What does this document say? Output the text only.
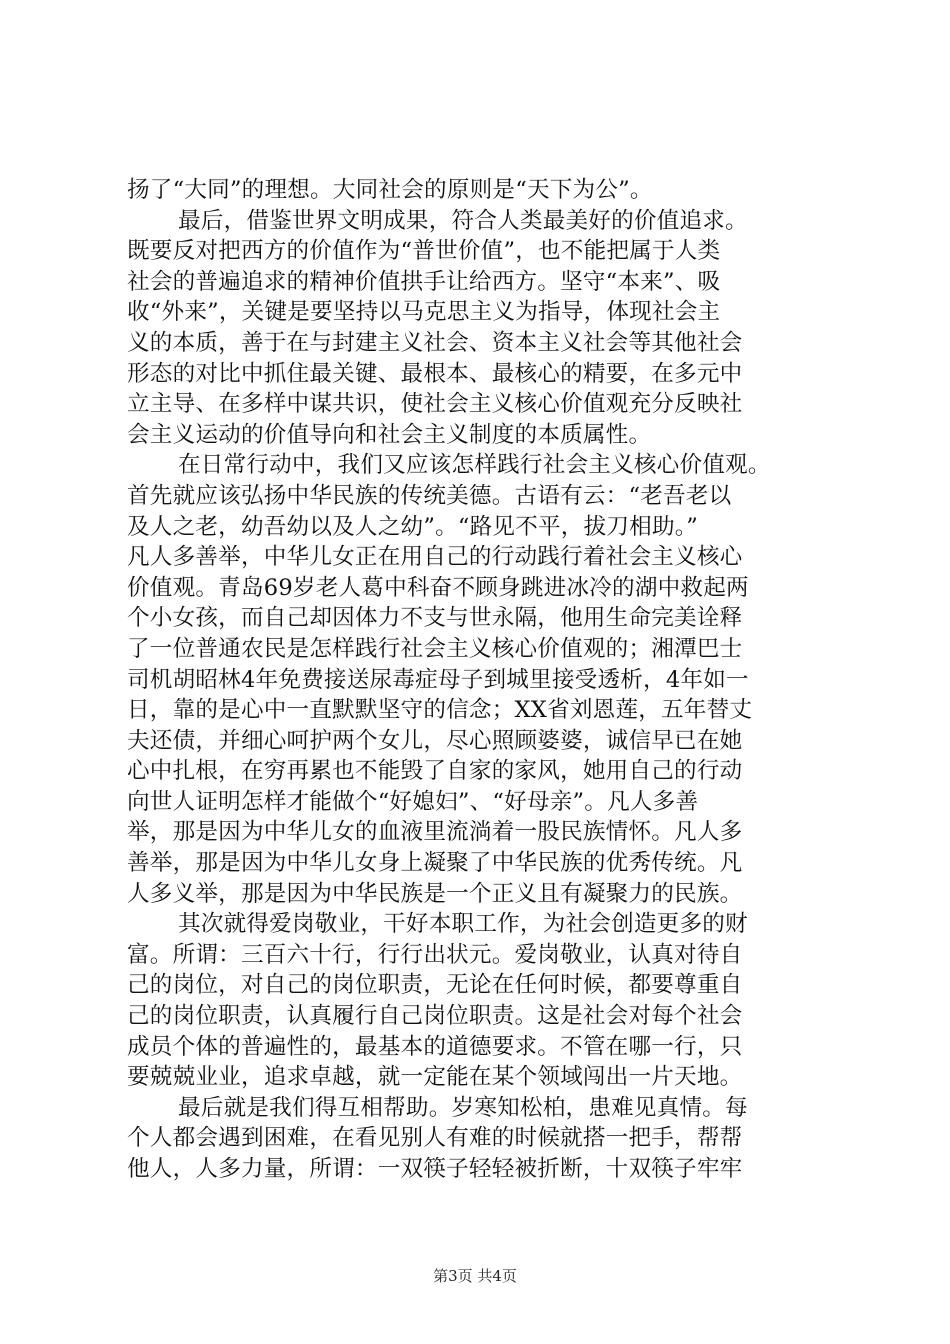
扬了“大同”的理想。大同社会的原则是“天下为公”。
最后，借鉴世界文明成果，符合人类最美好的价值追求。
既要反对把西方的价值作为“普世价值”，也不能把属于人类
社会的普遍追求的精神价值拱手让给西方。坚守“本来”、吸
收“外来”，关键是要坚持以马克思主义为指导，体现社会主
义的本质，善于在与封建主义社会、资本主义社会等其他社会
形态的对比中抓住最关键、最根本、最核心的精要，在多元中
立主导、在多样中谋共识，使社会主义核心价值观充分反映社
会主义运动的价值导向和社会主义制度的本质属性。
在日常行动中，我们又应该怎样践行社会主义核心价值观。
首先就应该弘扬中华民族的传统美德。古语有云：“老吾老以
及人之老，幼吾幼以及人之幼”。“路见不平，拔刀相助。”
凡人多善举，中华儿女正在用自己的行动践行着社会主义核心
价值观。青岛69岁老人葛中科奋不顾身跳进冰冷的湖中救起两
个小女孩，而自己却因体力不支与世永隔，他用生命完美诠释
了一位普通农民是怎样践行社会主义核心价值观的；湘潭巴士
司机胡昭林4年免费接送尿毒症母子到城里接受透析，4年如一
日，靠的是心中一直默默坚守的信念；XX省刘恩莲，五年替丈
夫还债，并细心呵护两个女儿，尽心照顾婆婆，诚信早已在她
心中扎根，在穷再累也不能毁了自家的家风，她用自己的行动
向世人证明怎样才能做个“好媳妇”、“好母亲”。凡人多善
举，那是因为中华儿女的血液里流淌着一股民族情怀。凡人多
善举，那是因为中华儿女身上凝聚了中华民族的优秀传统。凡
人多义举，那是因为中华民族是一个正义且有凝聚力的民族。
其次就得爱岗敬业，干好本职工作，为社会创造更多的财
富。所谓：三百六十行，行行出状元。爱岗敬业，认真对待自
己的岗位，对自己的岗位职责，无论在任何时候，都要尊重自
己的岗位职责，认真履行自己岗位职责。这是社会对每个社会
成员个体的普遍性的，最基本的道德要求。不管在哪一行，只
要兢兢业业，追求卓越，就一定能在某个领域闯出一片天地。
最后就是我们得互相帮助。岁寒知松柏，患难见真情。每
个人都会遇到困难，在看见别人有难的时候就搭一把手，帮帮
他人，人多力量，所谓：一双筷子轻轻被折断，十双筷子牢牢
第3页 共4页
